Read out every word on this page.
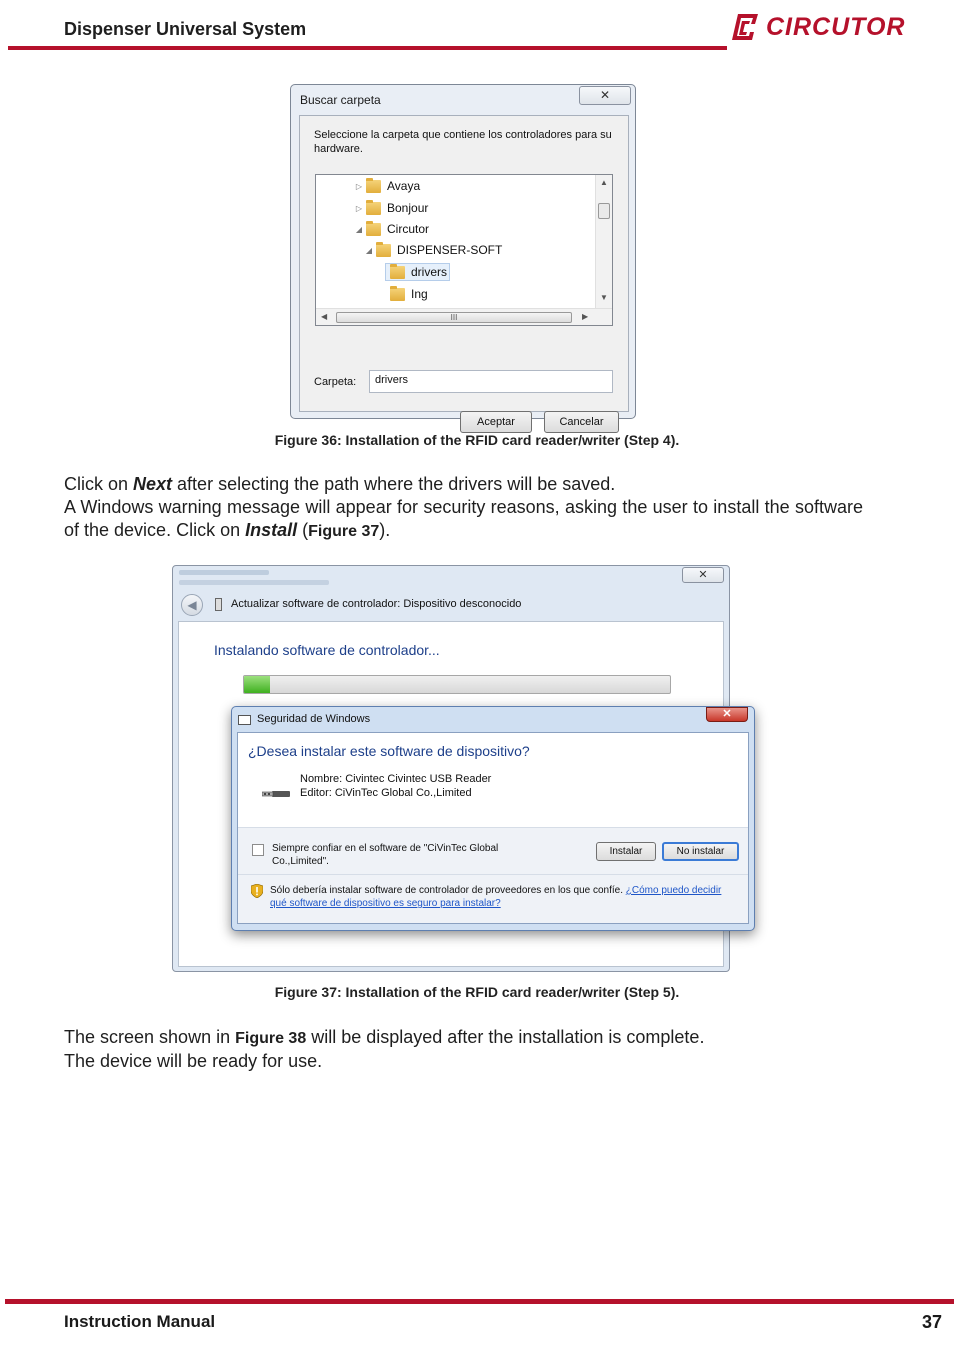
Dispenser Universal System	CIRCUTOR
Buscar carpeta	✕
Seleccione la carpeta que contiene los controladores para su hardware.
▷ Avaya
▷ Bonjour
◢ Circutor
◢ DISPENSER-SOFT
drivers
Ing
▲
▼
◀	III	▶
Carpeta:	drivers
Aceptar	Cancelar
Figure 36: Installation of the RFID card reader/writer (Step 4).

Click on Next after selecting the path where the drivers will be saved.

A Windows warning message will appear for security reasons, asking the user to install the software of the device. Click on Install (Figure 37).

✕
◀	Actualizar software de controlador: Dispositivo desconocido
Instalando software de controlador...
Seguridad de Windows	✕
¿Desea instalar este software de dispositivo?
Nombre: Civintec Civintec USB Reader
Editor: CiVinTec Global Co.,Limited
Siempre confiar en el software de "CiVinTec Global Co.,Limited".
Instalar	No instalar
Sólo debería instalar software de controlador de proveedores en los que confíe. ¿Cómo puedo decidir qué software de dispositivo es seguro para instalar?
Figure 37: Installation of the RFID card reader/writer (Step 5).

The screen shown in Figure 38 will be displayed after the installation is complete.

The device will be ready for use.

Instruction Manual	37
